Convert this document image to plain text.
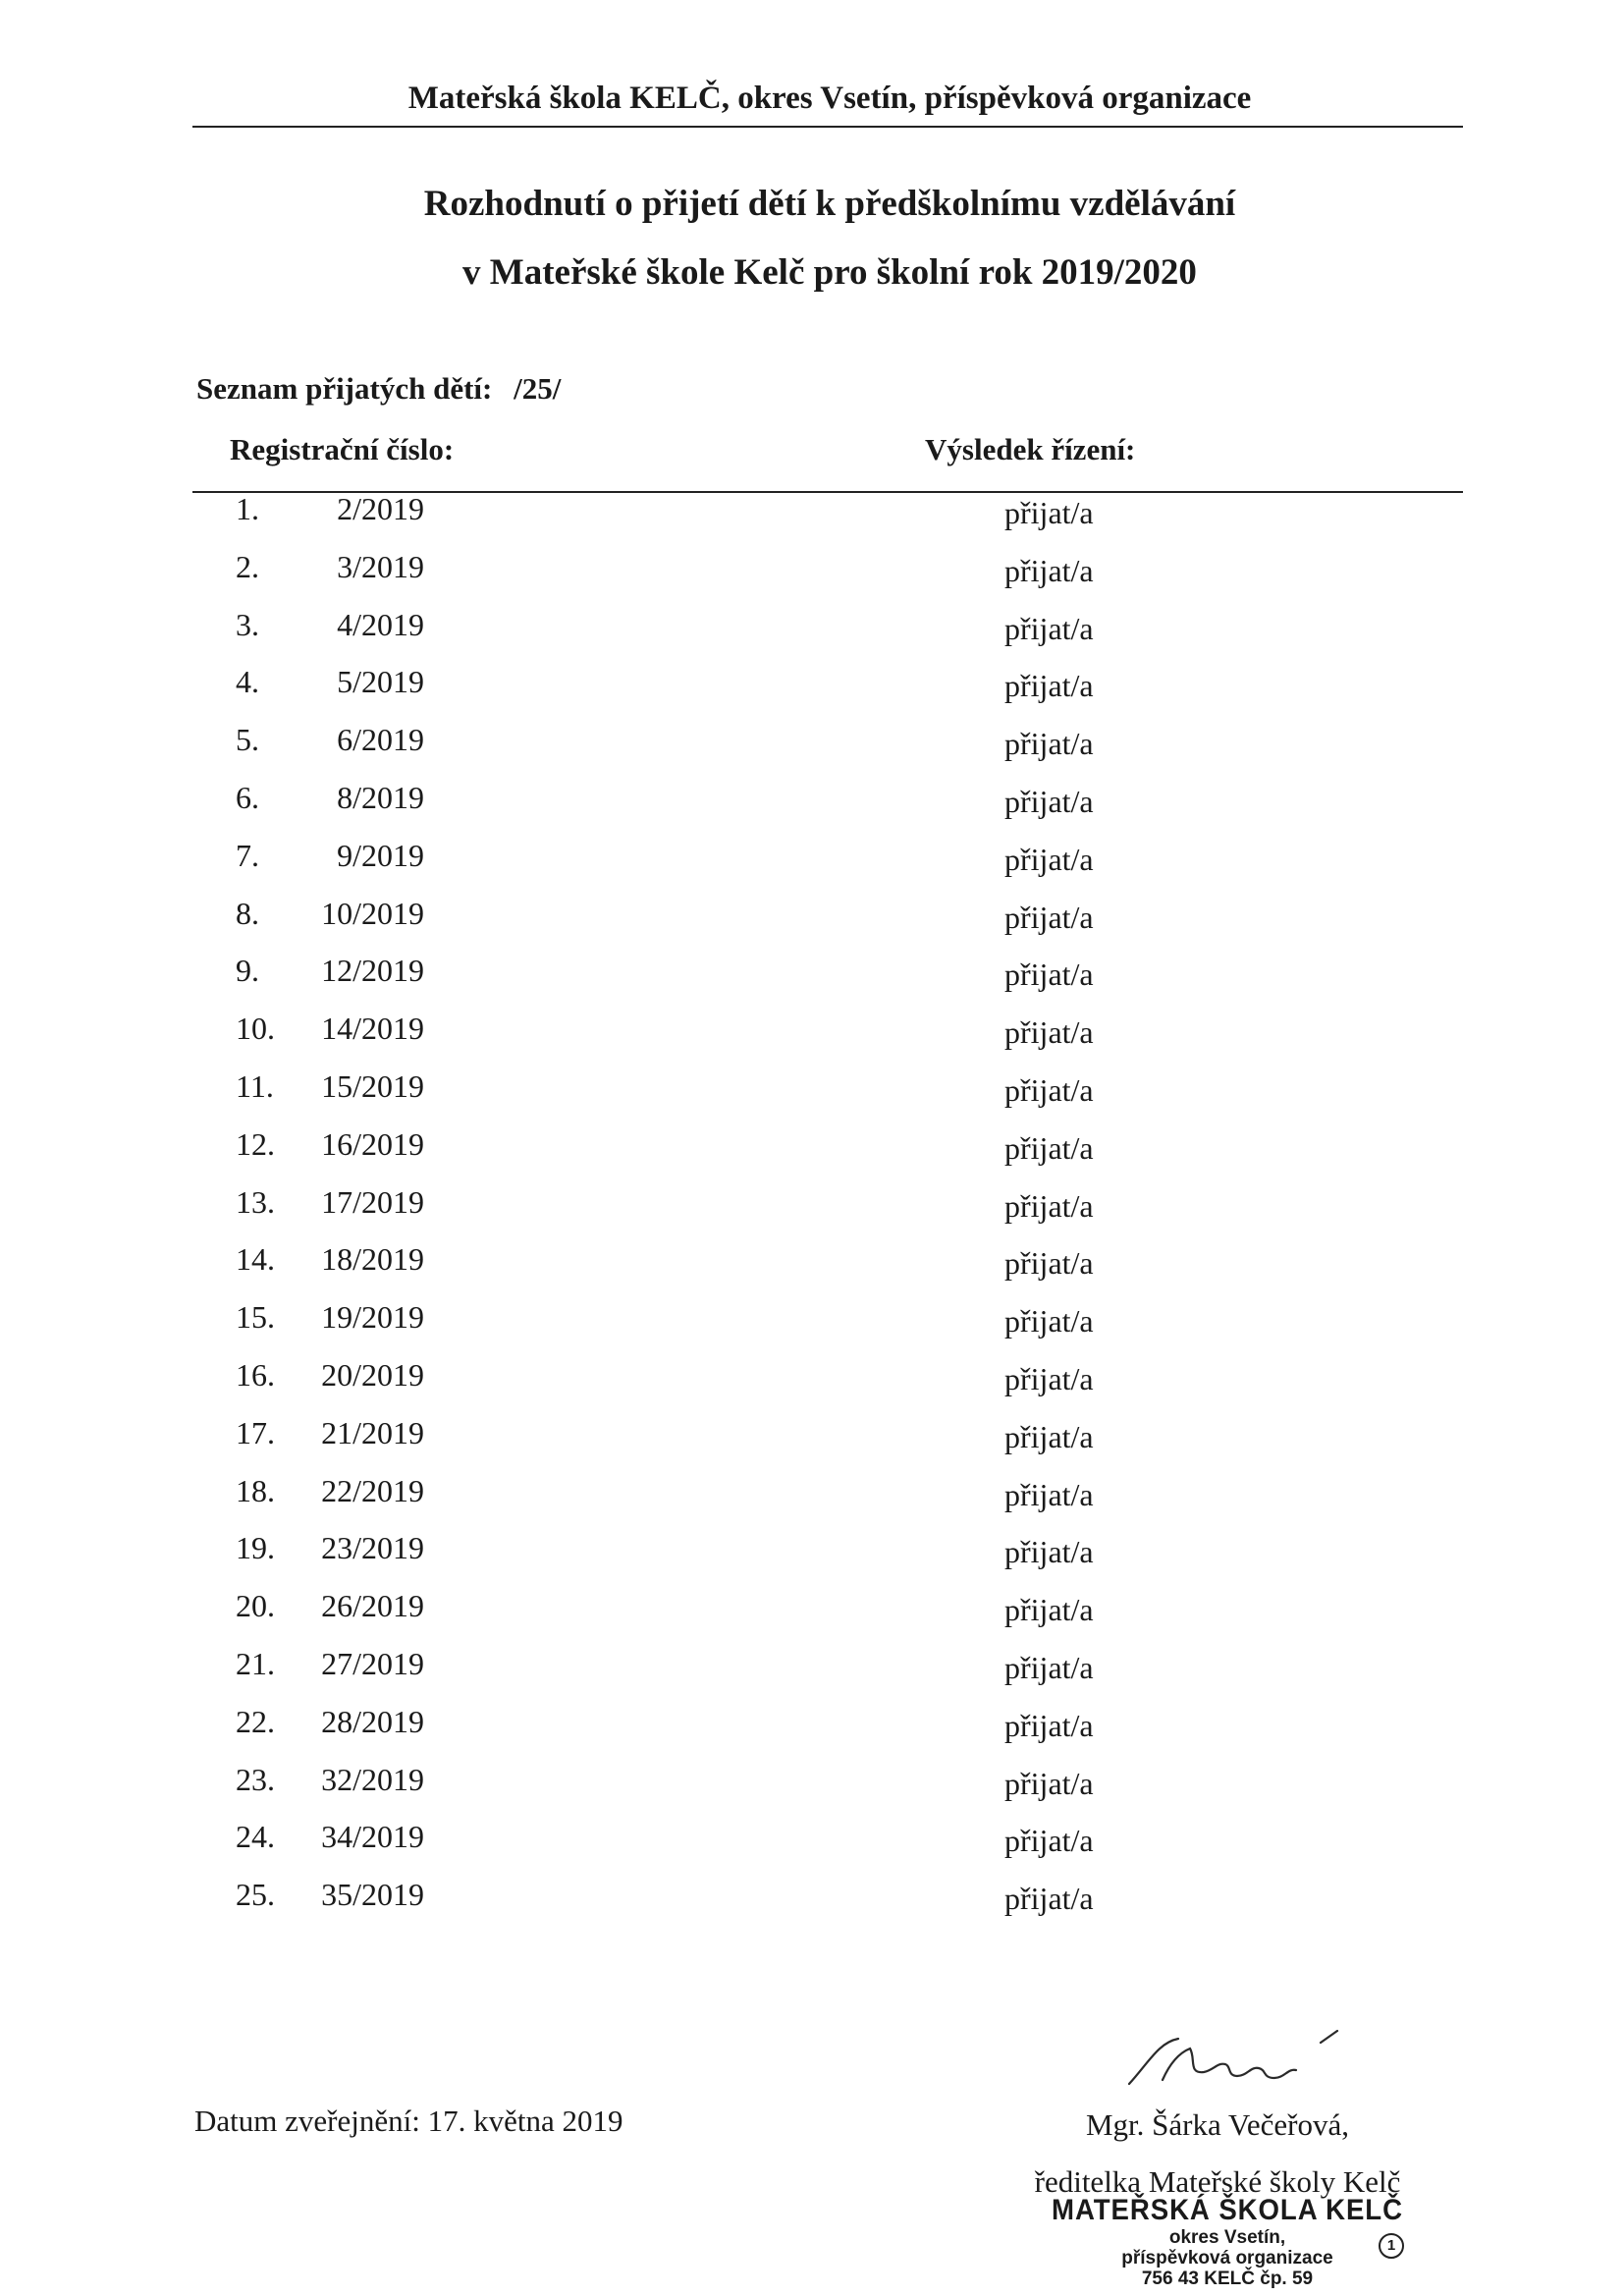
Mateřská škola KELČ, okres Vsetín, příspěvková organizace
Rozhodnutí o přijetí dětí k předškolnímu vzdělávání
v Mateřské škole Kelč pro školní rok 2019/2020
Seznam přijatých dětí: /25/
Registrační číslo:	Výsledek řízení:
1.	2/2019	přijat/a
2.	3/2019	přijat/a
3.	4/2019	přijat/a
4.	5/2019	přijat/a
5.	6/2019	přijat/a
6.	8/2019	přijat/a
7.	9/2019	přijat/a
8.	10/2019	přijat/a
9.	12/2019	přijat/a
10.	14/2019	přijat/a
11.	15/2019	přijat/a
12.	16/2019	přijat/a
13.	17/2019	přijat/a
14.	18/2019	přijat/a
15.	19/2019	přijat/a
16.	20/2019	přijat/a
17.	21/2019	přijat/a
18.	22/2019	přijat/a
19.	23/2019	přijat/a
20.	26/2019	přijat/a
21.	27/2019	přijat/a
22.	28/2019	přijat/a
23.	32/2019	přijat/a
24.	34/2019	přijat/a
25.	35/2019	přijat/a
Datum zveřejnění: 17. května 2019	Mgr. Šárka Večeřová,
ředitelka Mateřské školy Kelč
MATEŘSKÁ ŠKOLA KELČ
okres Vsetín,
příspěvková organizace
756 43 KELČ čp. 59
1
